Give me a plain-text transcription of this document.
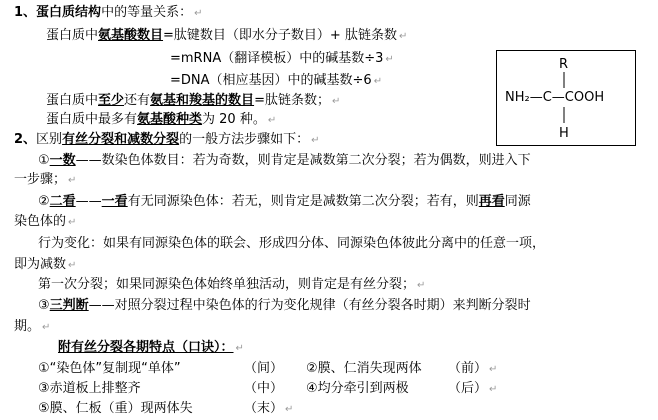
1、蛋白质结构中的等量关系： ↵
蛋白质中氨基酸数目=肽键数目（即水分子数目）+ 肽链条数 ↵
=mRNA（翻译模板）中的碱基数÷3 ↵
=DNA（相应基因）中的碱基数÷6 ↵
蛋白质中至少还有氨基和羧基的数目=肽链条数； ↵
蛋白质中最多有氨基酸种类为 20 种。 ↵
R
NH₂—C—COOH
H
2、区别有丝分裂和减数分裂的一般方法步骤如下： ↵
①一数——数染色体数目：若为奇数，则肯定是减数第二次分裂；若为偶数，则进入下
一步骤； ↵
②二看——一看有无同源染色体：若无，则肯定是减数第二次分裂；若有，则再看同源
染色体的 ↵
行为变化：如果有同源染色体的联会、形成四分体、同源染色体彼此分离中的任意一项，
即为减数 ↵
第一次分裂；如果同源染色体始终单独活动，则肯定是有丝分裂； ↵
③三判断——对照分裂过程中染色体的行为变化规律（有丝分裂各时期）来判断分裂时
期。 ↵
附有丝分裂各期特点（口诀）： ↵
①“染色体”复制现“单体”	（间） ②膜、仁消失现两体 （前） ↵
③赤道板上排整齐	（中） ④均分牵引到两极	（后） ↵
⑤膜、仁板（重）现两体失	（末） ↵
